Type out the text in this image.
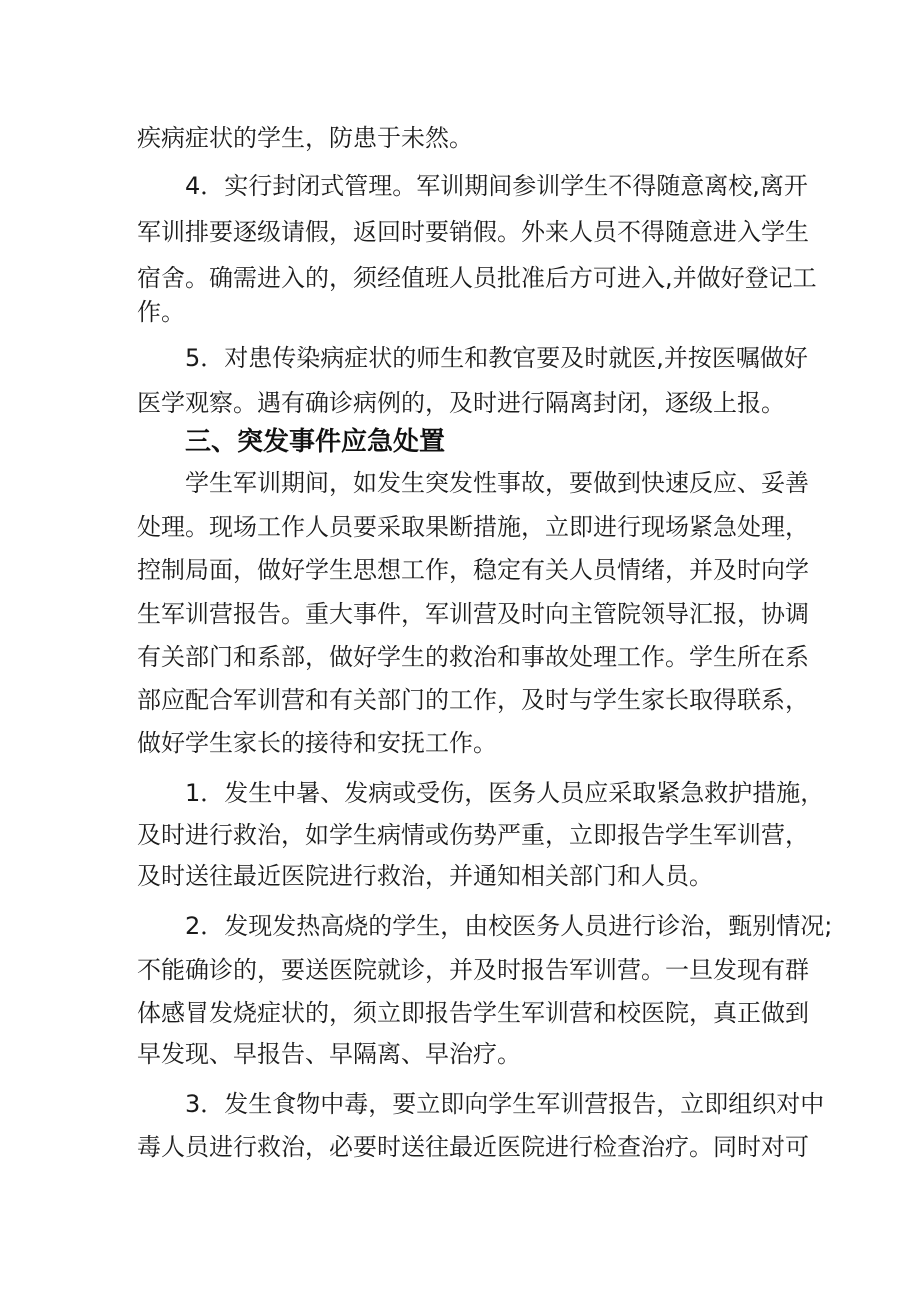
疾病症状的学生，防患于未然。
4．实行封闭式管理。军训期间参训学生不得随意离校,离开
军训排要逐级请假，返回时要销假。外来人员不得随意进入学生
宿舍。确需进入的，须经值班人员批准后方可进入,并做好登记工
作。
5．对患传染病症状的师生和教官要及时就医,并按医嘱做好
医学观察。遇有确诊病例的，及时进行隔离封闭，逐级上报。
三、突发事件应急处置
学生军训期间，如发生突发性事故，要做到快速反应、妥善
处理。现场工作人员要采取果断措施，立即进行现场紧急处理，
控制局面，做好学生思想工作，稳定有关人员情绪，并及时向学
生军训营报告。重大事件，军训营及时向主管院领导汇报，协调
有关部门和系部，做好学生的救治和事故处理工作。学生所在系
部应配合军训营和有关部门的工作，及时与学生家长取得联系，
做好学生家长的接待和安抚工作。
1．发生中暑、发病或受伤，医务人员应采取紧急救护措施，
及时进行救治，如学生病情或伤势严重，立即报告学生军训营，
及时送往最近医院进行救治，并通知相关部门和人员。
2．发现发热高烧的学生，由校医务人员进行诊治，甄别情况;
不能确诊的，要送医院就诊，并及时报告军训营。一旦发现有群
体感冒发烧症状的，须立即报告学生军训营和校医院，真正做到
早发现、早报告、早隔离、早治疗。
3．发生食物中毒，要立即向学生军训营报告，立即组织对中
毒人员进行救治，必要时送往最近医院进行检查治疗。同时对可
